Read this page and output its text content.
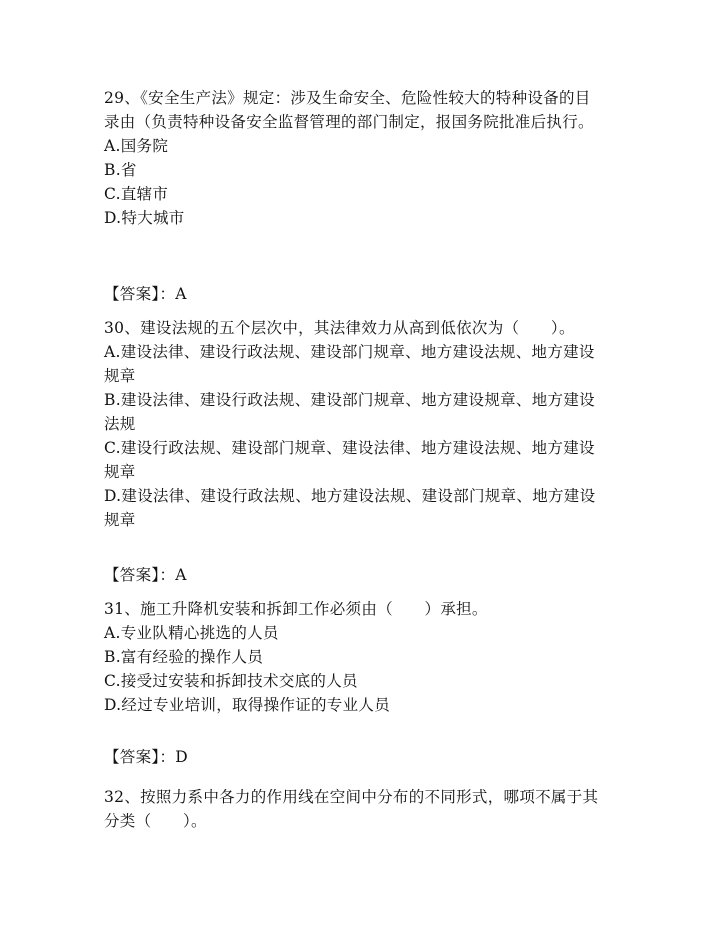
29、《安全生产法》规定：涉及生命安全、危险性较大的特种设备的目录由（负责特种设备安全监督管理的部门制定，报国务院批准后执行。
A.国务院
B.省
C.直辖市
D.特大城市
【答案】：A
30、建设法规的五个层次中，其法律效力从高到低依次为（　　）。
A.建设法律、建设行政法规、建设部门规章、地方建设法规、地方建设规章
B.建设法律、建设行政法规、建设部门规章、地方建设规章、地方建设法规
C.建设行政法规、建设部门规章、建设法律、地方建设法规、地方建设规章
D.建设法律、建设行政法规、地方建设法规、建设部门规章、地方建设规章
【答案】：A
31、施工升降机安装和拆卸工作必须由（　　）承担。
A.专业队精心挑选的人员
B.富有经验的操作人员
C.接受过安装和拆卸技术交底的人员
D.经过专业培训，取得操作证的专业人员
【答案】：D
32、按照力系中各力的作用线在空间中分布的不同形式，哪项不属于其分类（　　）。
